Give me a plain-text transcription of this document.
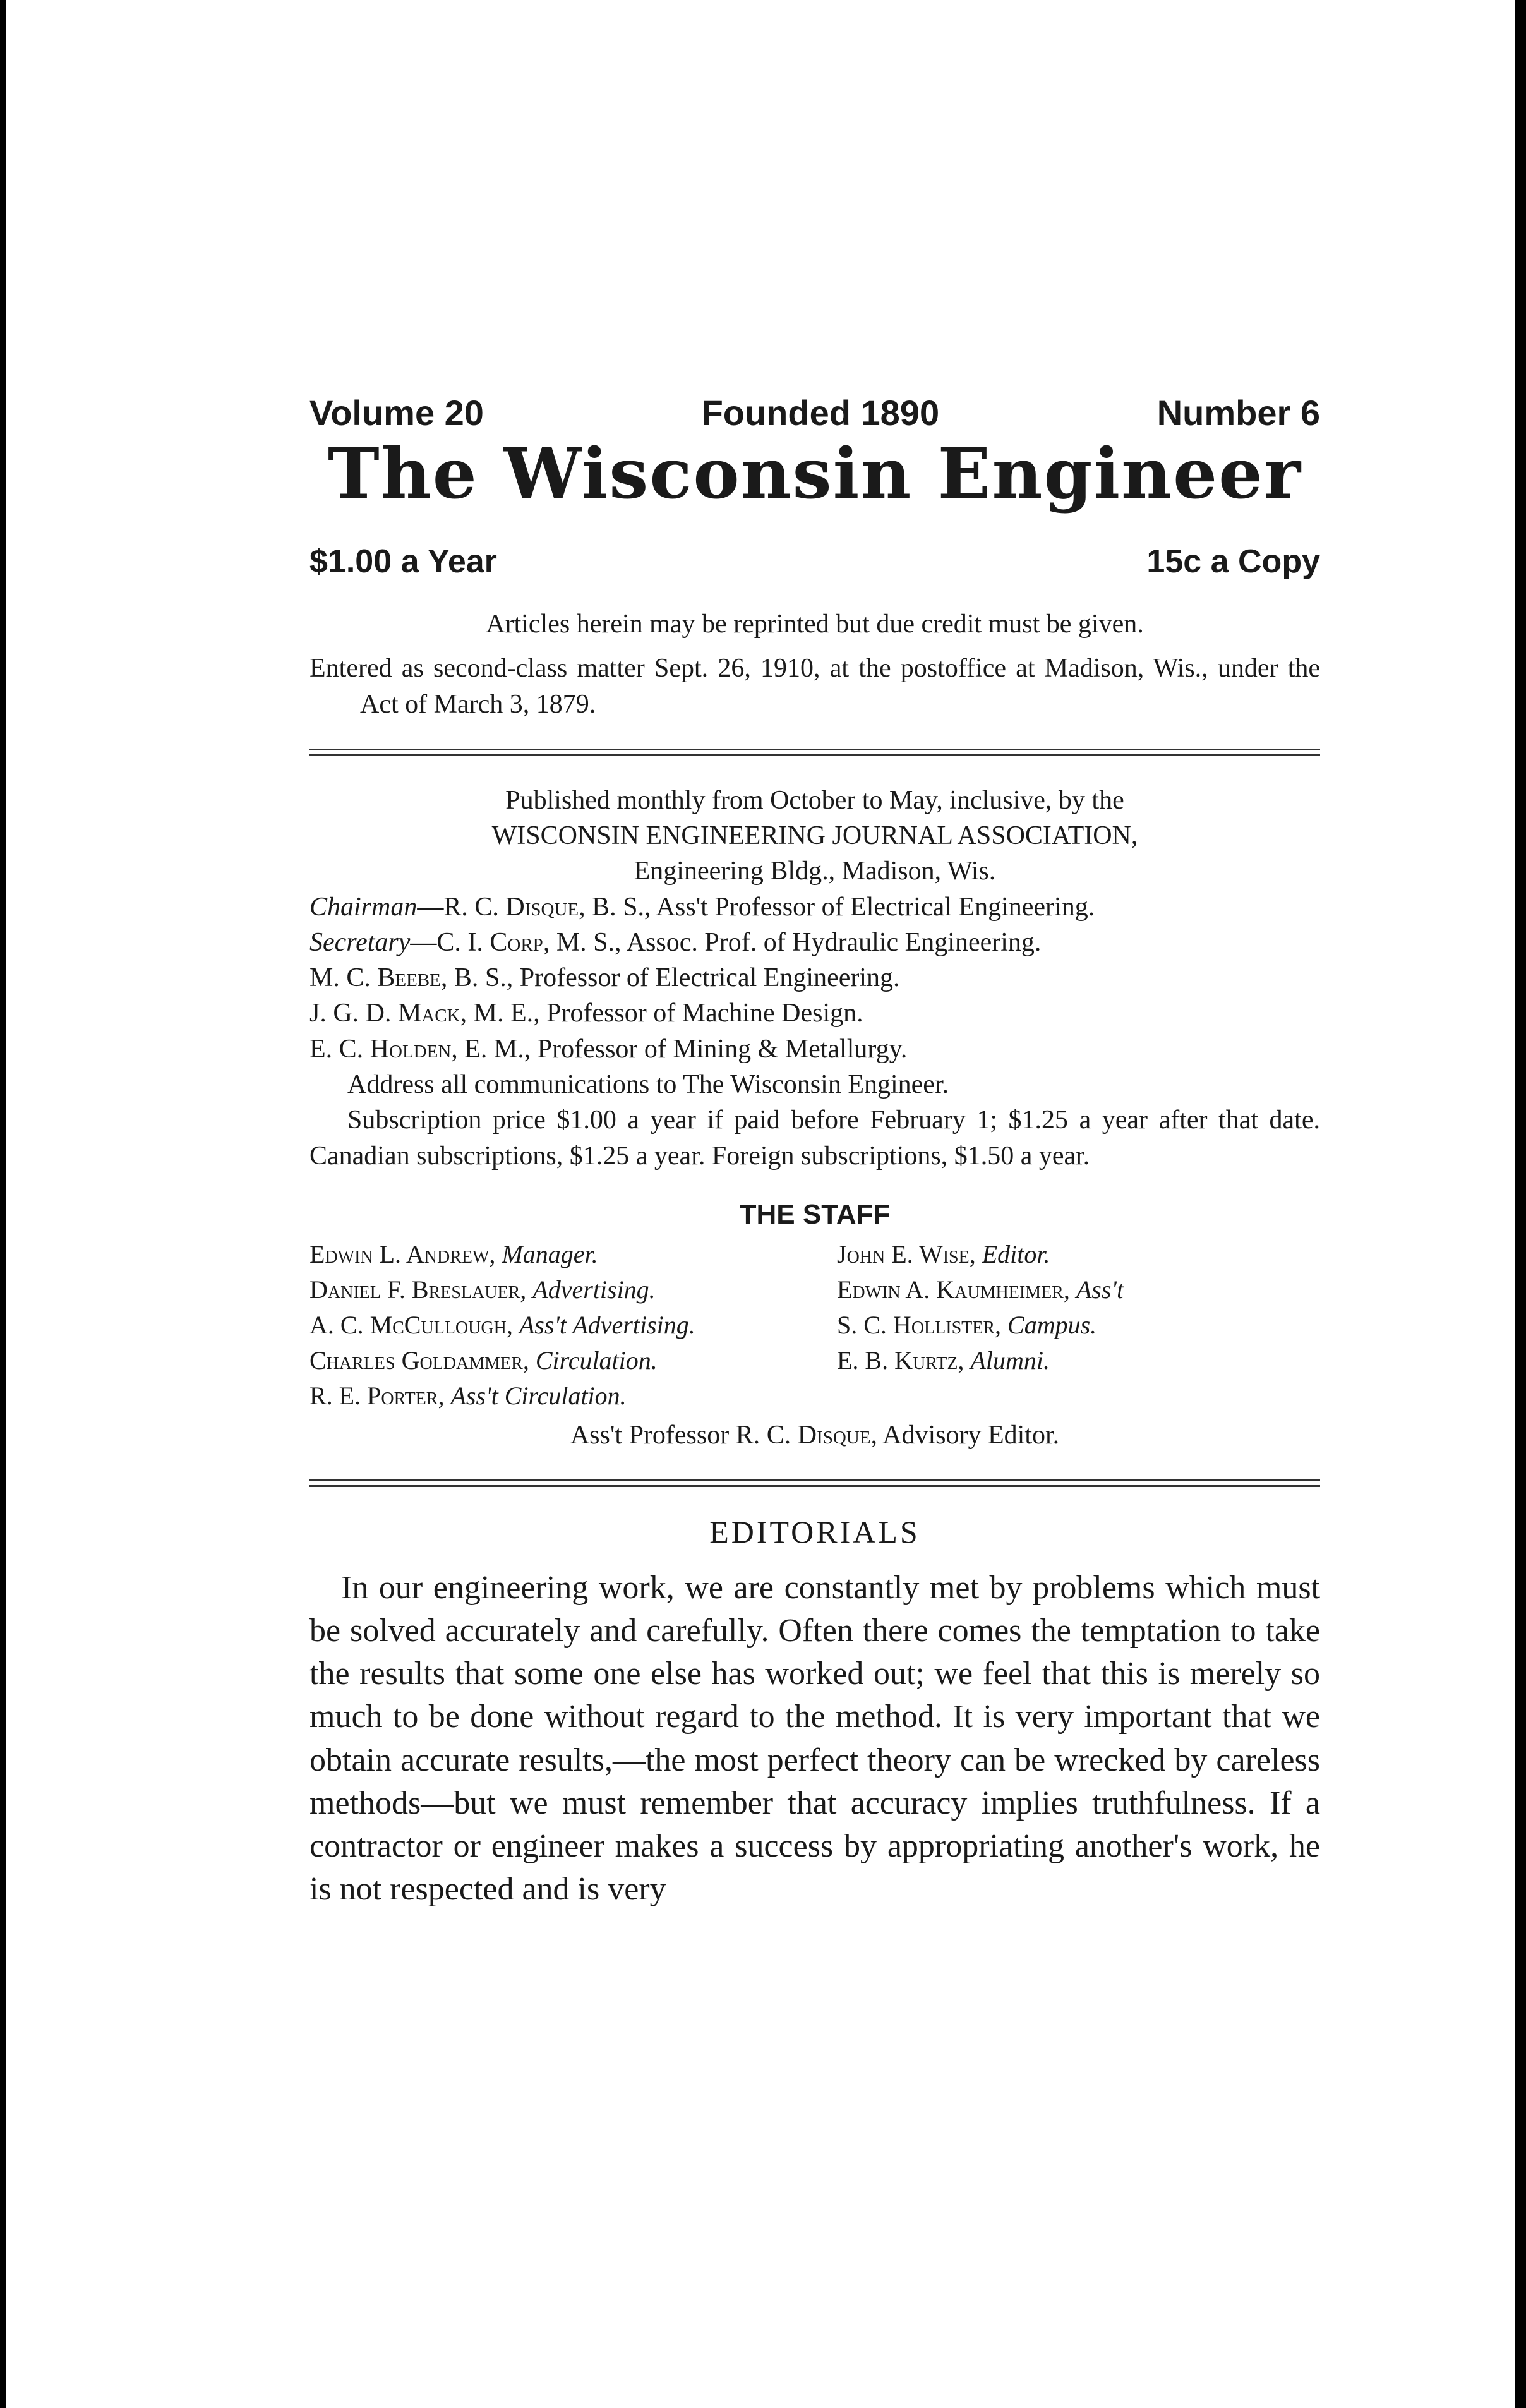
Volume 20	Founded 1890	Number 6
The Wisconsin Engineer
$1.00 a Year	15c a Copy

Articles herein may be reprinted but due credit must be given.

Entered as second-class matter Sept. 26, 1910, at the postoffice at Madison, Wis., under the Act of March 3, 1879.

Published monthly from October to May, inclusive, by the

WISCONSIN ENGINEERING JOURNAL ASSOCIATION,

Engineering Bldg., Madison, Wis.

Chairman—R. C. Disque, B. S., Ass't Professor of Electrical Engineering.

Secretary—C. I. Corp, M. S., Assoc. Prof. of Hydraulic Engineering.

M. C. Beebe, B. S., Professor of Electrical Engineering.

J. G. D. Mack, M. E., Professor of Machine Design.

E. C. Holden, E. M., Professor of Mining & Metallurgy.

Address all communications to The Wisconsin Engineer.

Subscription price $1.00 a year if paid before February 1; $1.25 a year after that date. Canadian subscriptions, $1.25 a year. Foreign subscriptions, $1.50 a year.

THE STAFF
Edwin L. Andrew, Manager.	John E. Wise, Editor.
Daniel F. Breslauer, Advertising.	Edwin A. Kaumheimer, Ass't
A. C. McCullough, Ass't Advertising.	S. C. Hollister, Campus.
Charles Goldammer, Circulation.	E. B. Kurtz, Alumni.
R. E. Porter, Ass't Circulation.

Ass't Professor R. C. Disque, Advisory Editor.

EDITORIALS

In our engineering work, we are constantly met by problems which must be solved accurately and carefully. Often there comes the temptation to take the results that some one else has worked out; we feel that this is merely so much to be done without regard to the method. It is very important that we obtain accurate results,—the most perfect theory can be wrecked by careless methods—but we must remember that accuracy implies truthfulness. If a contractor or engineer makes a success by appropriating another's work, he is not respected and is very
